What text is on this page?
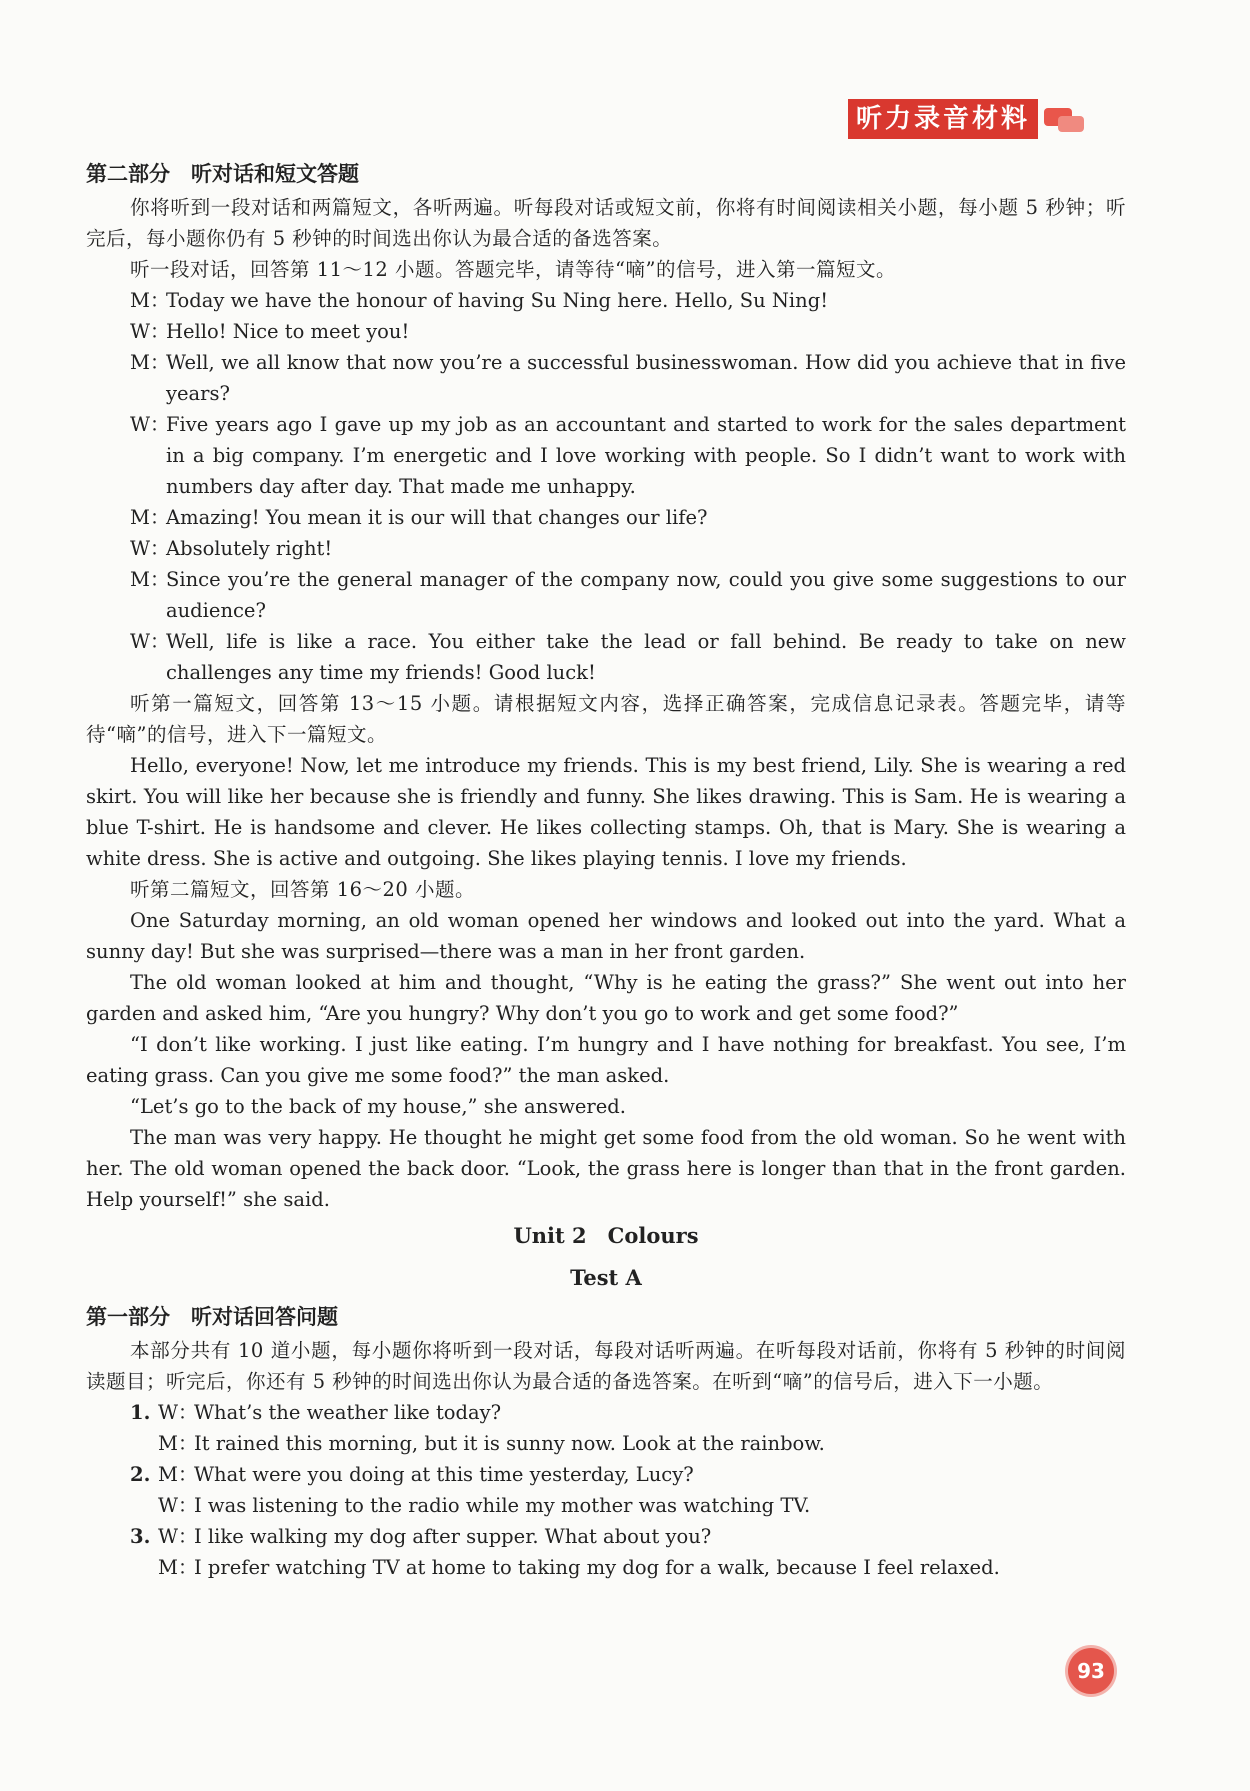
听力录音材料
第二部分　听对话和短文答题

你将听到一段对话和两篇短文，各听两遍。听每段对话或短文前，你将有时间阅读相关小题，每小题 5 秒钟；听完后，每小题你仍有 5 秒钟的时间选出你认为最合适的备选答案。

听一段对话，回答第 11～12 小题。答题完毕，请等待“嘀”的信号，进入第一篇短文。

M：
Today we have the honour of having Su Ning here. Hello, Su Ning!
W：
Hello! Nice to meet you!
M：
Well, we all know that now you’re a successful businesswoman. How did you achieve that in five years?
W：
Five years ago I gave up my job as an accountant and started to work for the sales department in a big company. I’m energetic and I love working with people. So I didn’t want to work with numbers day after day. That made me unhappy.
M：
Amazing! You mean it is our will that changes our life?
W：
Absolutely right!
M：
Since you’re the general manager of the company now, could you give some suggestions to our audience?
W：
Well, life is like a race. You either take the lead or fall behind. Be ready to take on new challenges any time my friends! Good luck!

听第一篇短文，回答第 13～15 小题。请根据短文内容，选择正确答案，完成信息记录表。答题完毕，请等待“嘀”的信号，进入下一篇短文。

Hello, everyone! Now, let me introduce my friends. This is my best friend, Lily. She is wearing a red skirt. You will like her because she is friendly and funny. She likes drawing. This is Sam. He is wearing a blue T-shirt. He is handsome and clever. He likes collecting stamps. Oh, that is Mary. She is wearing a white dress. She is active and outgoing. She likes playing tennis. I love my friends.

听第二篇短文，回答第 16～20 小题。

One Saturday morning, an old woman opened her windows and looked out into the yard. What a sunny day! But she was surprised—there was a man in her front garden.

The old woman looked at him and thought, “Why is he eating the grass?” She went out into her garden and asked him, “Are you hungry? Why don’t you go to work and get some food?”

“I don’t like working. I just like eating. I’m hungry and I have nothing for breakfast. You see, I’m eating grass. Can you give me some food?” the man asked.

“Let’s go to the back of my house,” she answered.

The man was very happy. He thought he might get some food from the old woman. So he went with her. The old woman opened the back door. “Look, the grass here is longer than that in the front garden. Help yourself!” she said.

Unit 2　Colours
Test A
第一部分　听对话回答问题

本部分共有 10 道小题，每小题你将听到一段对话，每段对话听两遍。在听每段对话前，你将有 5 秒钟的时间阅读题目；听完后，你还有 5 秒钟的时间选出你认为最合适的备选答案。在听到“嘀”的信号后，进入下一小题。

1. W：
What’s the weather like today?
M：
It rained this morning, but it is sunny now. Look at the rainbow.
2. M：
What were you doing at this time yesterday, Lucy?
W：
I was listening to the radio while my mother was watching TV.
3. W：
I like walking my dog after supper. What about you?
M：
I prefer watching TV at home to taking my dog for a walk, because I feel relaxed.
93
